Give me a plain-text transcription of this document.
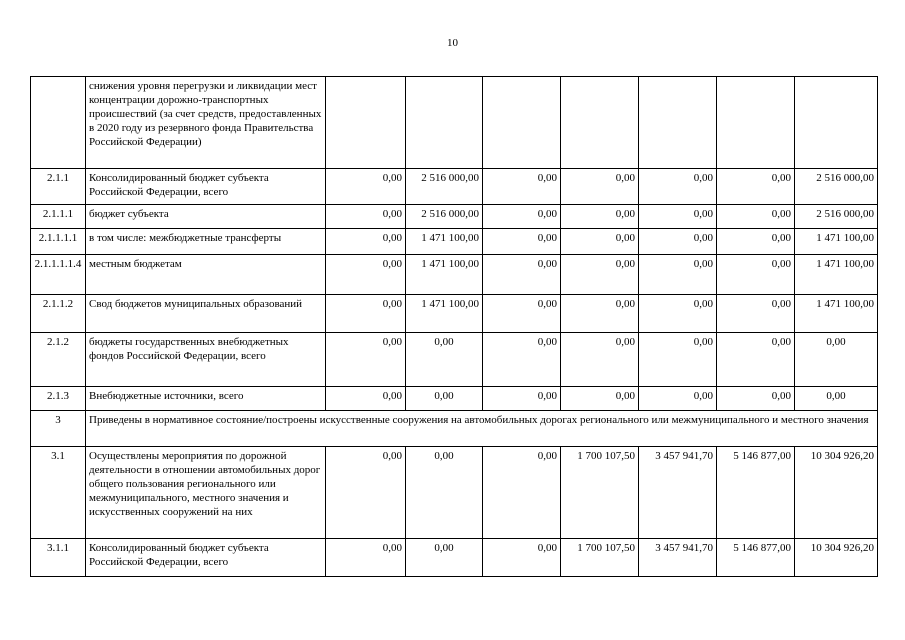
10
	снижения уровня перегрузки и ликвидации мест концентрации дорожно-транспортных происшествий (за счет средств, предоставленных в 2020 году из резервного фонда Правительства Российской Федерации)							
2.1.1	Консолидированный бюджет субъекта Российской Федерации, всего	0,00	2 516 000,00	0,00	0,00	0,00	0,00	2 516 000,00
2.1.1.1	бюджет субъекта	0,00	2 516 000,00	0,00	0,00	0,00	0,00	2 516 000,00
2.1.1.1.1	в том числе: межбюджетные трансферты	0,00	1 471 100,00	0,00	0,00	0,00	0,00	1 471 100,00
2.1.1.1.1.4	местным бюджетам	0,00	1 471 100,00	0,00	0,00	0,00	0,00	1 471 100,00
2.1.1.2	Свод бюджетов муниципальных образований	0,00	1 471 100,00	0,00	0,00	0,00	0,00	1 471 100,00
2.1.2	бюджеты государственных внебюджетных фондов Российской Федерации, всего	0,00	0,00	0,00	0,00	0,00	0,00	0,00
2.1.3	Внебюджетные источники, всего	0,00	0,00	0,00	0,00	0,00	0,00	0,00
3	Приведены в нормативное состояние/построены искусственные сооружения на автомобильных дорогах регионального или межмуниципального и местного значения							
3.1	Осуществлены мероприятия по дорожной деятельности в отношении автомобильных дорог общего пользования регионального или межмуниципального, местного значения и искусственных сооружений на них	0,00	0,00	0,00	1 700 107,50	3 457 941,70	5 146 877,00	10 304 926,20
3.1.1	Консолидированный бюджет субъекта Российской Федерации, всего	0,00	0,00	0,00	1 700 107,50	3 457 941,70	5 146 877,00	10 304 926,20
